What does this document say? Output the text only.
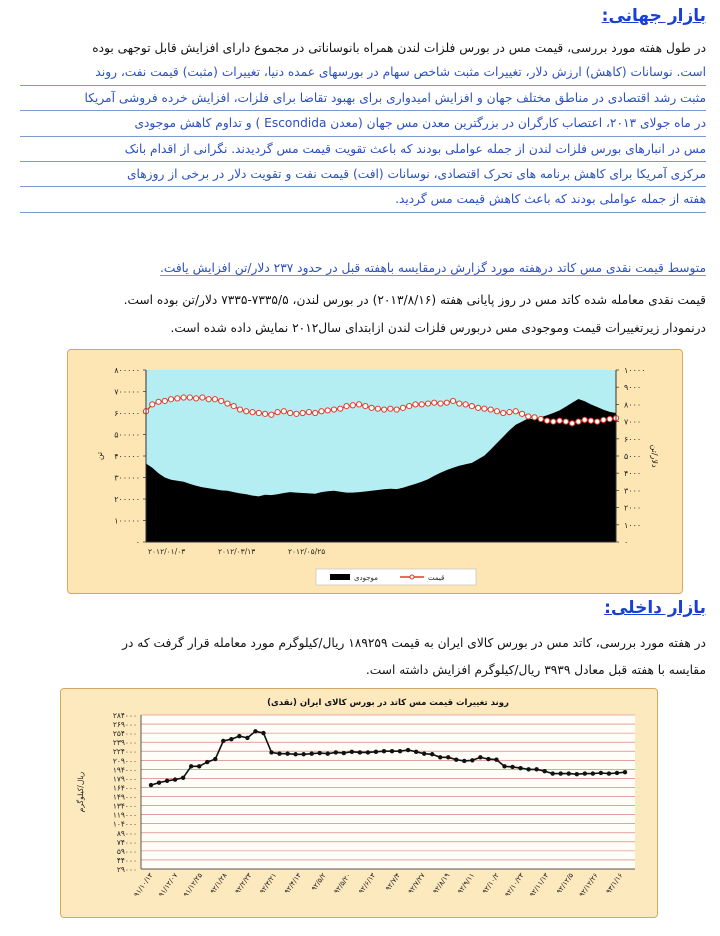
بازار جهانی:
در طول هفته مورد بررسی، قیمت مس در بورس فلزات لندن همراه بانوساناتی در مجموع دارای افزایش قابل توجهی بوده
است. نوسانات (کاهش) ارزش دلار، تغییرات مثبت شاخص سهام در بورسهای عمده دنیا، تغییرات (مثبت) قیمت نفت، روند
مثبت رشد اقتصادی در مناطق مختلف جهان و افزایش امیدواری برای بهبود تقاضا برای فلزات، افزایش خرده فروشی آمریکا
در ماه جولای ۲۰۱۳، اعتصاب کارگران در بزرگترین معدن مس جهان (معدن Escondida ) و تداوم کاهش موجودی
مس در انبارهای بورس فلزات لندن از جمله عواملی بودند که باعث تقویت قیمت مس گردیدند. نگرانی از اقدام بانک
مرکزی آمریکا برای کاهش برنامه های تحرک اقتصادی، نوسانات (افت) قیمت نفت و تقویت دلار در برخی از روزهای
هفته از جمله عواملی بودند که باعث کاهش قیمت مس گردید.
متوسط قیمت نقدی مس کاتد درهفته مورد گزارش درمقایسه باهفته قبل در حدود ۲۳۷ دلار/تن افزایش یافت.
قیمت نقدی معامله شده کاتد مس در روز پایانی هفته (۲۰۱۳/۸/۱۶) در بورس لندن، ۷۳۳۵/۵-۷۳۳۵ دلار/تن بوده است.
درنمودار زیرتغییرات قیمت وموجودی مس دربورس فلزات لندن ازابتدای سال۲۰۱۲ نمایش داده شده است.
۸۰۰۰۰۰
۷۰۰۰۰۰
۶۰۰۰۰۰
۵۰۰۰۰۰
۴۰۰۰۰۰
۳۰۰۰۰۰
۲۰۰۰۰۰
۱۰۰۰۰۰
۰
۱۰۰۰۰
۹۰۰۰
۸۰۰۰
۷۰۰۰
۶۰۰۰
۵۰۰۰
۴۰۰۰
۳۰۰۰
۲۰۰۰
۱۰۰۰
۰
تن	دلار/تن
۲۰۱۲/۰۱/۰۳	۲۰۱۲/۰۳/۱۳	۲۰۱۲/۰۵/۲۵
موجودی	قیمت
بازار داخلی:
در هفته مورد بررسی، کاتد مس در بورس کالای ایران به قیمت ۱۸۹۲۵۹ ریال/کیلوگرم مورد معامله قرار گرفت که در
مقایسه با هفته قبل معادل ۳۹۳۹ ریال/کیلوگرم افزایش داشته است.
روند تغییرات قیمت مس کاتد در بورس کالای ایران (نقدی)
۲۸۴۰۰۰
۲۶۹۰۰۰
۲۵۴۰۰۰
۲۳۹۰۰۰
۲۲۴۰۰۰
۲۰۹۰۰۰
۱۹۴۰۰۰
۱۷۹۰۰۰
۱۶۴۰۰۰
۱۴۹۰۰۰
۱۳۴۰۰۰
۱۱۹۰۰۰
۱۰۴۰۰۰
۸۹۰۰۰
۷۴۰۰۰
۵۹۰۰۰
۴۴۰۰۰
۲۹۰۰۰
ریال/کیلوگرم
۹۱/۱۰/۱۳ ۹۱/۱۲/۰۷ ۹۱/۱۲/۲۵ ۹۲/۱/۲۸ ۹۲/۲/۲۳ ۹۲/۳/۲۱ ۹۲/۴/۱۳ ۹۲/۵/۲ ۹۲/۵/۲۰ ۹۲/۶/۱۳ ۹۲/۷/۴ ۹۲/۷/۲۷ ۹۲/۸/۱۹ ۹۲/۹/۱۱ ۹۲/۱۰/۲ ۹۲/۱۰/۲۳ ۹۲/۱۱/۱۳ ۹۲/۱۲/۵ ۹۲/۱۲/۲۶ ۹۳/۱/۱۶
